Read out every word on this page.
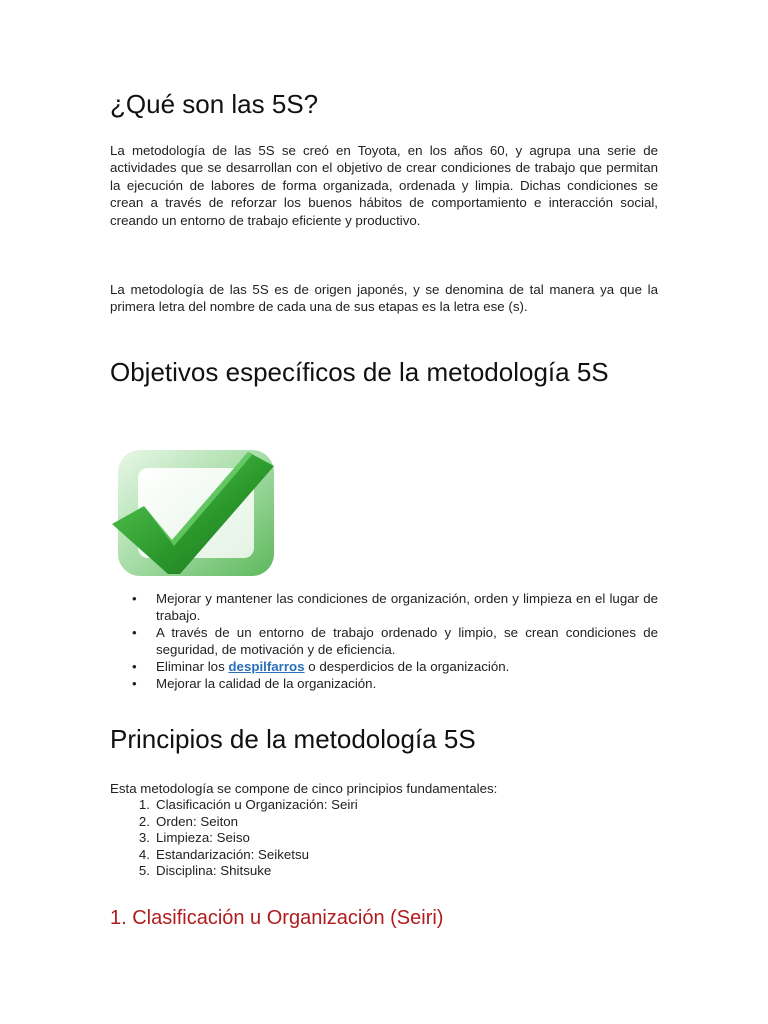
¿Qué son las 5S?

La metodología de las 5S se creó en Toyota, en los años 60, y agrupa una serie de actividades que se desarrollan con el objetivo de crear condiciones de trabajo que permitan la ejecución de labores de forma organizada, ordenada y limpia. Dichas condiciones se crean a través de reforzar los buenos hábitos de comportamiento e interacción social, creando un entorno de trabajo eficiente y productivo.

La metodología de las 5S es de origen japonés, y se denomina de tal manera ya que la primera letra del nombre de cada una de sus etapas es la letra ese (s).

Objetivos específicos de la metodología 5S
• Mejorar y mantener las condiciones de organización, orden y limpieza en el lugar de trabajo.
• A través de un entorno de trabajo ordenado y limpio, se crean condiciones de seguridad, de motivación y de eficiencia.
• Eliminar los despilfarros o desperdicios de la organización.
• Mejorar la calidad de la organización.
Principios de la metodología 5S
Esta metodología se compone de cinco principios fundamentales:
1. Clasificación u Organización: Seiri
2. Orden: Seiton
3. Limpieza: Seiso
4. Estandarización: Seiketsu
5. Disciplina: Shitsuke
1. Clasificación u Organización (Seiri)
